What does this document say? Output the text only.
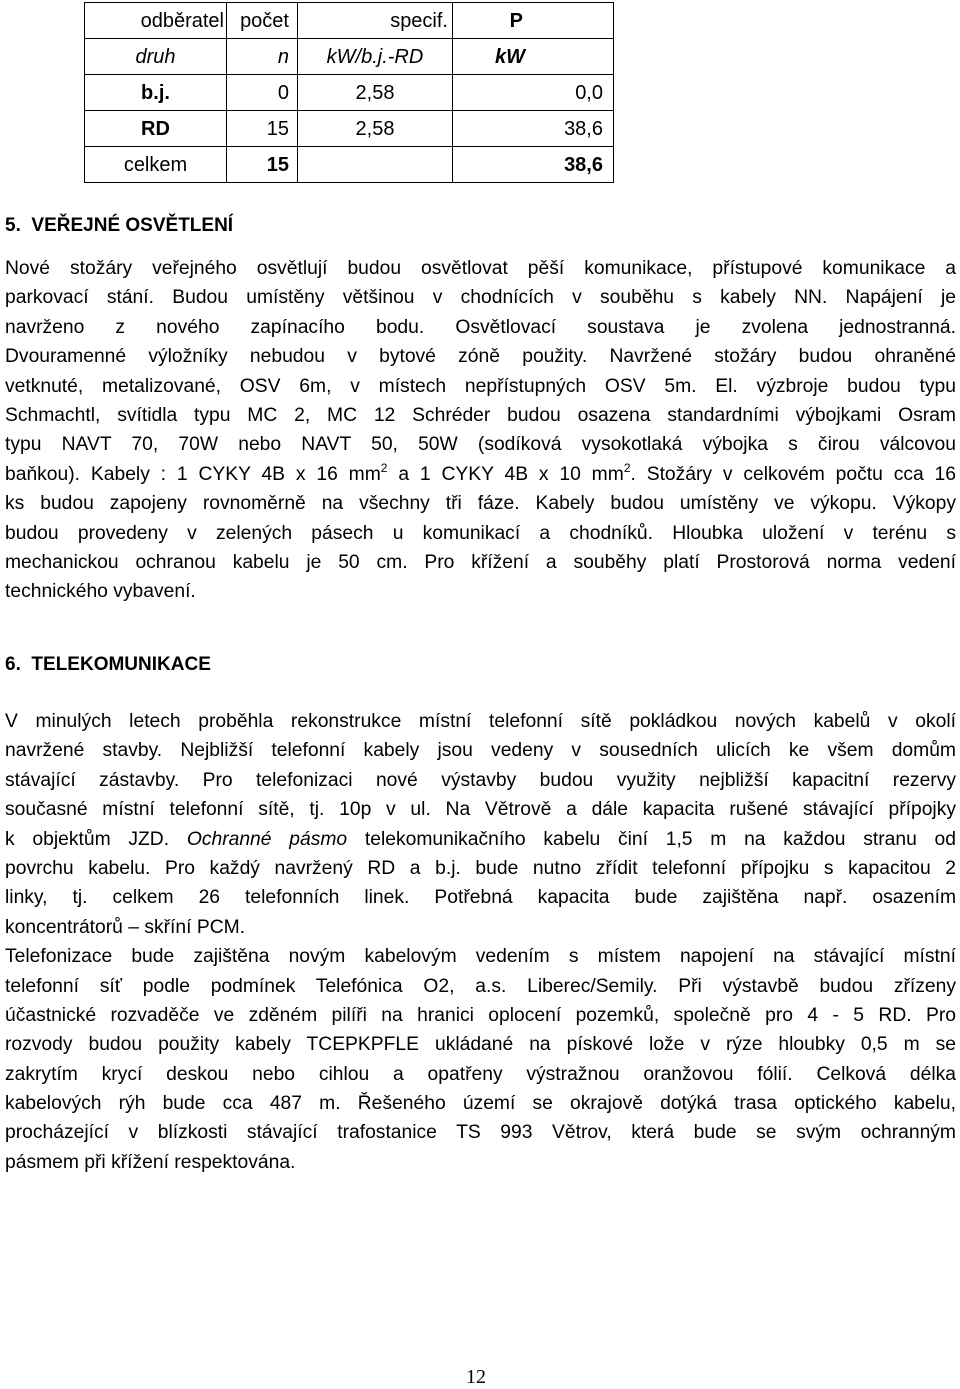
odběratel	počet	specif.	P
druh	n	kW/b.j.-RD	kW
b.j.	0	2,58	0,0
RD	15	2,58	38,6
celkem	15		38,6
5. VEŘEJNÉ OSVĚTLENÍ
Nové stožáry veřejného osvětlují budou osvětlovat pěší komunikace, přístupové komunikace a
parkovací stání. Budou umístěny většinou v chodnících v souběhu s kabely NN. Napájení je
navrženo z nového zapínacího bodu. Osvětlovací soustava je zvolena jednostranná.
Dvouramenné výložníky nebudou v bytové zóně použity. Navržené stožáry budou ohraněné
vetknuté, metalizované, OSV 6m, v místech nepřístupných OSV 5m. El. výzbroje budou typu
Schmachtl, svítidla typu MC 2, MC 12 Schréder budou osazena standardními výbojkami Osram
typu NAVT 70, 70W nebo NAVT 50, 50W (sodíková vysokotlaká výbojka s čirou válcovou
baňkou). Kabely : 1 CYKY 4B x 16 $mm^2$ a 1 CYKY 4B x 10 $mm^2$. Stožáry v celkovém počtu cca 16
ks budou zapojeny rovnoměrně na všechny tři fáze. Kabely budou umístěny ve výkopu. Výkopy
budou provedeny v zelených pásech u komunikací a chodníků. Hloubka uložení v terénu s
mechanickou ochranou kabelu je 50 cm. Pro křížení a souběhy platí Prostorová norma vedení
technického vybavení.
6. TELEKOMUNIKACE
V minulých letech proběhla rekonstrukce místní telefonní sítě pokládkou nových kabelů v okolí
navržené stavby. Nejbližší telefonní kabely jsou vedeny v sousedních ulicích ke všem domům
stávající zástavby. Pro telefonizaci nové výstavby budou využity nejbližší kapacitní rezervy
současné místní telefonní sítě, tj. 10p v ul. Na Větrově a dále kapacita rušené stávající přípojky
k objektům JZD. Ochranné pásmo telekomunikačního kabelu činí 1,5 m na každou stranu od
povrchu kabelu. Pro každý navržený RD a b.j. bude nutno zřídit telefonní přípojku s kapacitou 2
linky, tj. celkem 26 telefonních linek. Potřebná kapacita bude zajištěna např. osazením
koncentrátorů – skříní PCM.
Telefonizace bude zajištěna novým kabelovým vedením s místem napojení na stávající místní
telefonní síť podle podmínek Telefónica O2, a.s. Liberec/Semily. Při výstavbě budou zřízeny
účastnické rozvaděče ve zděném pilíři na hranici oplocení pozemků, společně pro 4 - 5 RD. Pro
rozvody budou použity kabely TCEPKPFLE ukládané na pískové lože v rýze hloubky 0,5 m se
zakrytím krycí deskou nebo cihlou a opatřeny výstražnou oranžovou fólií. Celková délka
kabelových rýh bude cca 487 m. Řešeného území se okrajově dotýká trasa optického kabelu,
procházející v blízkosti stávající trafostanice TS 993 Větrov, která bude se svým ochranným
pásmem při křížení respektována.
12
